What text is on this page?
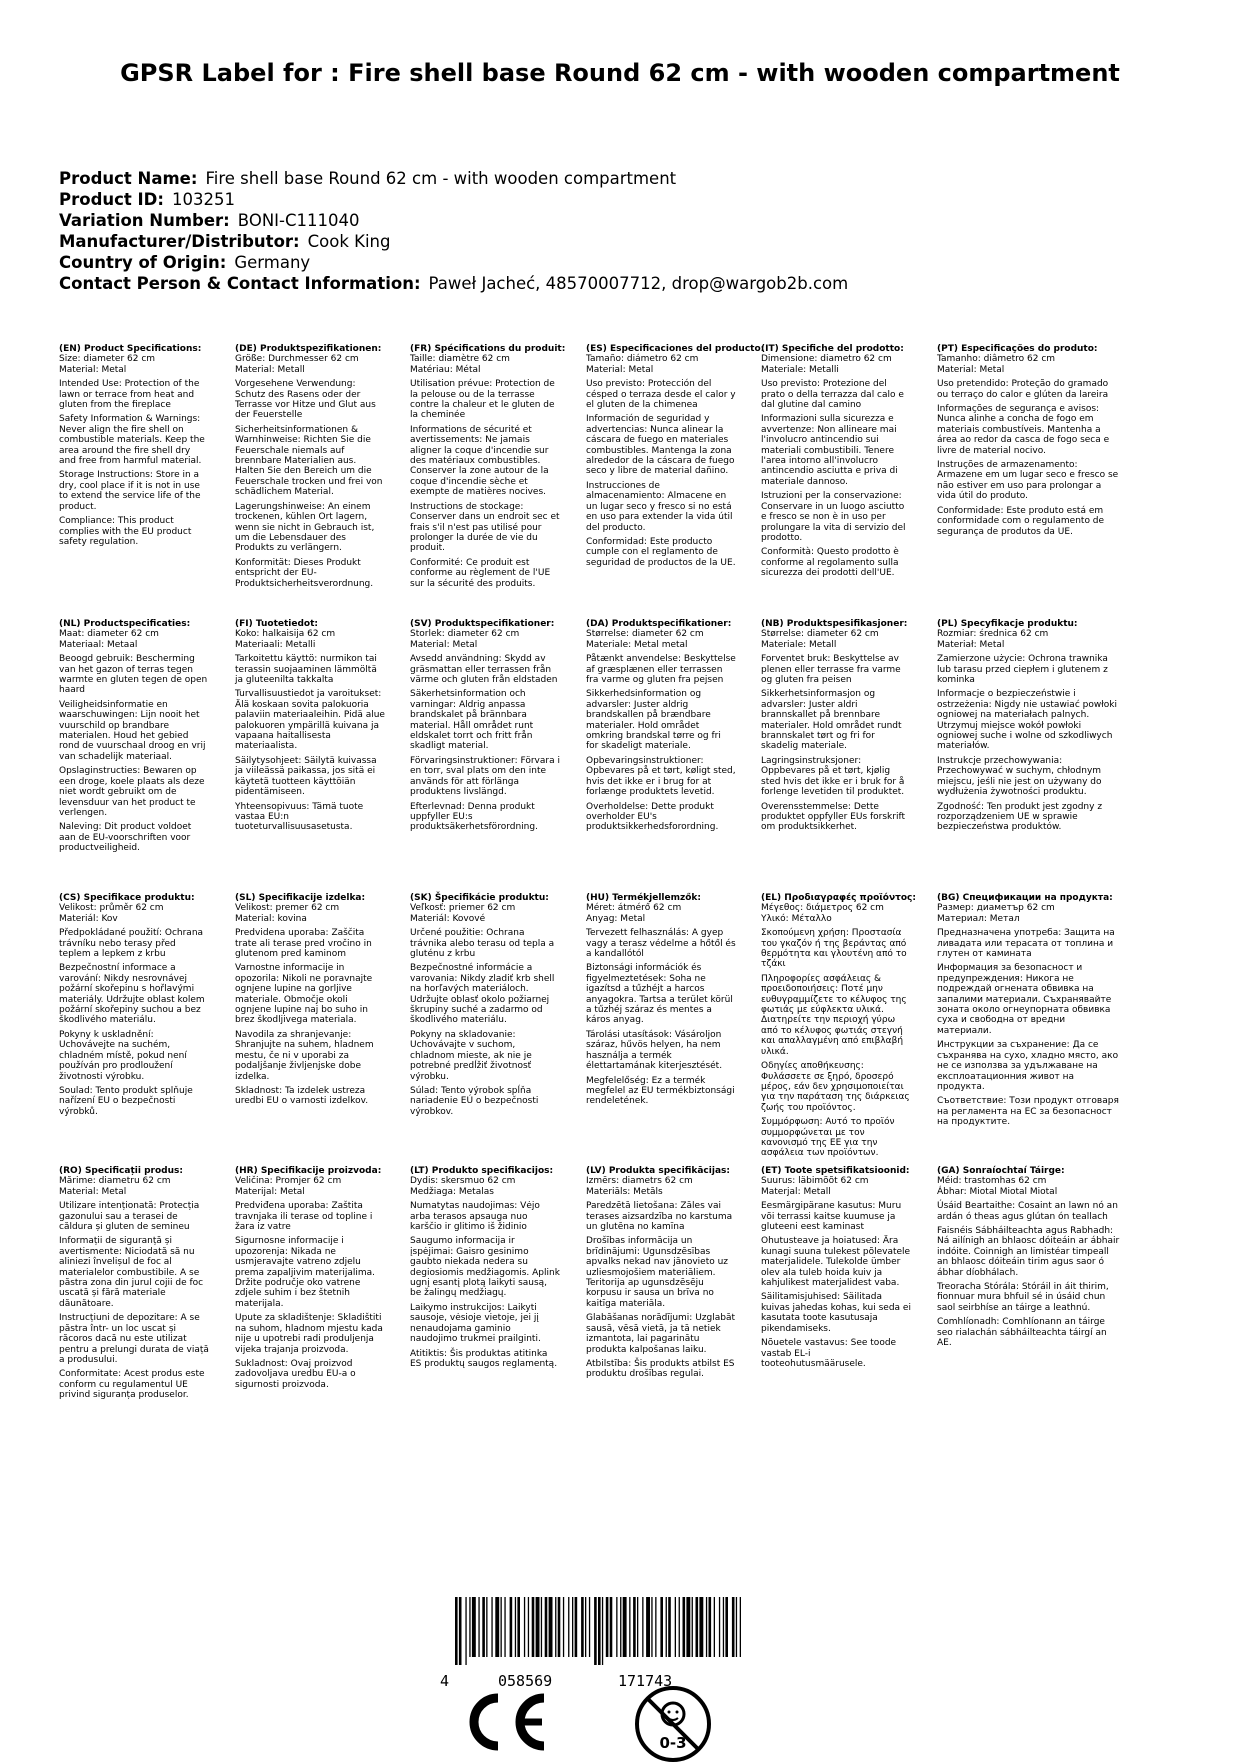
GPSR Label for : Fire shell base Round 62 cm - with wooden compartment
Product Name: Fire shell base Round 62 cm - with wooden compartment
Product ID: 103251
Variation Number: BONI-C111040
Manufacturer/Distributor: Cook King
Country of Origin: Germany
Contact Person & Contact Information: Paweł Jacheć, 48570007712, drop@wargob2b.com
(EN) Product Specifications:

Size: diameter 62 cm

Material: Metal

Intended Use: Protection of the lawn or terrace from heat and gluten from the fireplace

Safety Information & Warnings: Never align the fire shell on combustible materials. Keep the area around the fire shell dry and free from harmful material.

Storage Instructions: Store in a dry, cool place if it is not in use to extend the service life of the product.

Compliance: This product complies with the EU product safety regulation.

(DE) Produktspezifikationen:

Größe: Durchmesser 62 cm

Material: Metall

Vorgesehene Verwendung: Schutz des Rasens oder der Terrasse vor Hitze und Glut aus der Feuerstelle

Sicherheitsinformationen & Warnhinweise: Richten Sie die Feuerschale niemals auf brennbare Materialien aus. Halten Sie den Bereich um die Feuerschale trocken und frei von schädlichem Material.

Lagerungshinweise: An einem trockenen, kühlen Ort lagern, wenn sie nicht in Gebrauch ist, um die Lebensdauer des Produkts zu verlängern.

Konformität: Dieses Produkt entspricht der EU-Produktsicherheitsverordnung.

(FR) Spécifications du produit:

Taille: diamètre 62 cm

Matériau: Métal

Utilisation prévue: Protection de la pelouse ou de la terrasse contre la chaleur et le gluten de la cheminée

Informations de sécurité et avertissements: Ne jamais aligner la coque d'incendie sur des matériaux combustibles. Conserver la zone autour de la coque d'incendie sèche et exempte de matières nocives.

Instructions de stockage: Conserver dans un endroit sec et frais s'il n'est pas utilisé pour prolonger la durée de vie du produit.

Conformité: Ce produit est conforme au règlement de l'UE sur la sécurité des produits.

(ES) Especificaciones del producto:

Tamaño: diámetro 62 cm

Material: Metal

Uso previsto: Protección del césped o terraza desde el calor y el gluten de la chimenea

Información de seguridad y advertencias: Nunca alinear la cáscara de fuego en materiales combustibles. Mantenga la zona alrededor de la cáscara de fuego seco y libre de material dañino.

Instrucciones de almacenamiento: Almacene en un lugar seco y fresco si no está en uso para extender la vida útil del producto.

Conformidad: Este producto cumple con el reglamento de seguridad de productos de la UE.

(IT) Specifiche del prodotto:

Dimensione: diametro 62 cm

Materiale: Metalli

Uso previsto: Protezione del prato o della terrazza dal calo e dal glutine dal camino

Informazioni sulla sicurezza e avvertenze: Non allineare mai l'involucro antincendio sui materiali combustibili. Tenere l'area intorno all'involucro antincendio asciutta e priva di materiale dannoso.

Istruzioni per la conservazione: Conservare in un luogo asciutto e fresco se non è in uso per prolungare la vita di servizio del prodotto.

Conformità: Questo prodotto è conforme al regolamento sulla sicurezza dei prodotti dell'UE.

(PT) Especificações do produto:

Tamanho: diâmetro 62 cm

Material: Metal

Uso pretendido: Proteção do gramado ou terraço do calor e glúten da lareira

Informações de segurança e avisos: Nunca alinhe a concha de fogo em materiais combustíveis. Mantenha a área ao redor da casca de fogo seca e livre de material nocivo.

Instruções de armazenamento: Armazene em um lugar seco e fresco se não estiver em uso para prolongar a vida útil do produto.

Conformidade: Este produto está em conformidade com o regulamento de segurança de produtos da UE.

(NL) Productspecificaties:

Maat: diameter 62 cm

Materiaal: Metaal

Beoogd gebruik: Bescherming van het gazon of terras tegen warmte en gluten tegen de open haard

Veiligheidsinformatie en waarschuwingen: Lijn nooit het vuurschild op brandbare materialen. Houd het gebied rond de vuurschaal droog en vrij van schadelijk materiaal.

Opslaginstructies: Bewaren op een droge, koele plaats als deze niet wordt gebruikt om de levensduur van het product te verlengen.

Naleving: Dit product voldoet aan de EU-voorschriften voor productveiligheid.

(FI) Tuotetiedot:

Koko: halkaisija 62 cm

Materiaali: Metalli

Tarkoitettu käyttö: nurmikon tai terassin suojaaminen lämmöltä ja gluteenilta takkalta

Turvallisuustiedot ja varoitukset: Älä koskaan sovita palokuoria palaviin materiaaleihin. Pidä alue palokuoren ympärillä kuivana ja vapaana haitallisesta materiaalista.

Säilytysohjeet: Säilytä kuivassa ja viileässä paikassa, jos sitä ei käytetä tuotteen käyttöiän pidentämiseen.

Yhteensopivuus: Tämä tuote vastaa EU:n tuoteturvallisuusasetusta.

(SV) Produktspecifikationer:

Storlek: diameter 62 cm

Material: Metal

Avsedd användning: Skydd av gräsmattan eller terrassen från värme och gluten från eldstaden

Säkerhetsinformation och varningar: Aldrig anpassa brandskalet på brännbara material. Håll området runt eldskalet torrt och fritt från skadligt material.

Förvaringsinstruktioner: Förvara i en torr, sval plats om den inte används för att förlänga produktens livslängd.

Efterlevnad: Denna produkt uppfyller EU:s produktsäkerhetsförordning.

(DA) Produktspecifikationer:

Størrelse: diameter 62 cm

Materiale: Metal metal

Påtænkt anvendelse: Beskyttelse af græsplænen eller terrassen fra varme og gluten fra pejsen

Sikkerhedsinformation og advarsler: Juster aldrig brandskallen på brændbare materialer. Hold området omkring brandskal tørre og fri for skadeligt materiale.

Opbevaringsinstruktioner: Opbevares på et tørt, køligt sted, hvis det ikke er i brug for at forlænge produktets levetid.

Overholdelse: Dette produkt overholder EU's produktsikkerhedsforordning.

(NB) Produktspesifikasjoner:

Størrelse: diameter 62 cm

Materiale: Metall

Forventet bruk: Beskyttelse av plenen eller terrasse fra varme og gluten fra peisen

Sikkerhetsinformasjon og advarsler: Juster aldri brannskallet på brennbare materialer. Hold området rundt brannskalet tørt og fri for skadelig materiale.

Lagringsinstruksjoner: Oppbevares på et tørt, kjølig sted hvis det ikke er i bruk for å forlenge levetiden til produktet.

Overensstemmelse: Dette produktet oppfyller EUs forskrift om produktsikkerhet.

(PL) Specyfikacje produktu:

Rozmiar: średnica 62 cm

Materiał: Metal

Zamierzone użycie: Ochrona trawnika lub tarasu przed ciepłem i glutenem z kominka

Informacje o bezpieczeństwie i ostrzeżenia: Nigdy nie ustawiać powłoki ogniowej na materiałach palnych. Utrzymuj miejsce wokół powłoki ogniowej suche i wolne od szkodliwych materiałów.

Instrukcje przechowywania: Przechowywać w suchym, chłodnym miejscu, jeśli nie jest on używany do wydłużenia żywotności produktu.

Zgodność: Ten produkt jest zgodny z rozporządzeniem UE w sprawie bezpieczeństwa produktów.

(CS) Specifikace produktu:

Velikost: průměr 62 cm

Materiál: Kov

Předpokládané použití: Ochrana trávníku nebo terasy před teplem a lepkem z krbu

Bezpečnostní informace a varování: Nikdy nesrovnávej požární skořepinu s hořlavými materiály. Udržujte oblast kolem požární skořepiny suchou a bez škodlivého materiálu.

Pokyny k uskladnění: Uchovávejte na suchém, chladném místě, pokud není používán pro prodloužení životnosti výrobku.

Soulad: Tento produkt splňuje nařízení EU o bezpečnosti výrobků.

(SL) Specifikacije izdelka:

Velikost: premer 62 cm

Material: kovina

Predvidena uporaba: Zaščita trate ali terase pred vročino in glutenom pred kaminom

Varnostne informacije in opozorila: Nikoli ne poravnajte ognjene lupine na gorljive materiale. Območje okoli ognjene lupine naj bo suho in brez škodljivega materiala.

Navodila za shranjevanje: Shranjujte na suhem, hladnem mestu, če ni v uporabi za podaljšanje življenjske dobe izdelka.

Skladnost: Ta izdelek ustreza uredbi EU o varnosti izdelkov.

(SK) Špecifikácie produktu:

Veľkosť: priemer 62 cm

Materiál: Kovové

Určené použitie: Ochrana trávnika alebo terasu od tepla a gluténu z krbu

Bezpečnostné informácie a varovania: Nikdy zladiť krb shell na horľavých materiáloch. Udržujte oblasť okolo požiarnej škrupiny suché a zadarmo od škodlivého materiálu.

Pokyny na skladovanie: Uchovávajte v suchom, chladnom mieste, ak nie je potrebné predĺžiť životnosť výrobku.

Súlad: Tento výrobok spĺňa nariadenie EÚ o bezpečnosti výrobkov.

(HU) Termékjellemzők:

Méret: átmérő 62 cm

Anyag: Metal

Tervezett felhasználás: A gyep vagy a terasz védelme a hőtől és a kandallótól

Biztonsági információk és figyelmeztetések: Soha ne igazítsd a tűzhéjt a harcos anyagokra. Tartsa a terület körül a tűzhéj száraz és mentes a káros anyag.

Tárolási utasítások: Vásároljon száraz, hűvös helyen, ha nem használja a termék élettartamának kiterjesztését.

Megfelelőség: Ez a termék megfelel az EU termékbiztonsági rendeletének.

(EL) Προδιαγραφές προϊόντος:

Μέγεθος: διάμετρος 62 cm

Υλικό: Μέταλλο

Σκοπούμενη χρήση: Προστασία του γκαζόν ή της βεράντας από θερμότητα και γλουτένη από το τζάκι

Πληροφορίες ασφάλειας & προειδοποιήσεις: Ποτέ μην ευθυγραμμίζετε το κέλυφος της φωτιάς με εύφλεκτα υλικά. Διατηρείτε την περιοχή γύρω από το κέλυφος φωτιάς στεγνή και απαλλαγμένη από επιβλαβή υλικά.

Οδηγίες αποθήκευσης: Φυλάσσετε σε ξηρό, δροσερό μέρος, εάν δεν χρησιμοποιείται για την παράταση της διάρκειας ζωής του προϊόντος.

Συμμόρφωση: Αυτό το προϊόν συμμορφώνεται με τον κανονισμό της ΕΕ για την ασφάλεια των προϊόντων.

(BG) Спецификации на продукта:

Размер: диаметър 62 cm

Материал: Метал

Предназначена употреба: Защита на ливадата или терасата от топлина и глутен от камината

Информация за безопасност и предупреждения: Никога не подреждай огнената обвивка на запалими материали. Съхранявайте зоната около огнеупорната обвивка суха и свободна от вредни материали.

Инструкции за съхранение: Да се съхранява на сухо, хладно място, ако не се използва за удължаване на експлоатационния живот на продукта.

Съответствие: Този продукт отговаря на регламента на ЕС за безопасност на продуктите.

(RO) Specificații produs:

Mărime: diametru 62 cm

Material: Metal

Utilizare intenționată: Protecția gazonului sau a terasei de căldura și gluten de semineu

Informații de siguranță și avertismente: Niciodată să nu aliniezi învelișul de foc al materialelor combustibile. A se păstra zona din jurul cojii de foc uscată și fără materiale dăunătoare.

Instrucțiuni de depozitare: A se păstra într- un loc uscat și răcoros dacă nu este utilizat pentru a prelungi durata de viață a produsului.

Conformitate: Acest produs este conform cu regulamentul UE privind siguranța produselor.

(HR) Specifikacije proizvoda:

Veličina: Promjer 62 cm

Materijal: Metal

Predviđena uporaba: Zaštita travnjaka ili terase od topline i žara iz vatre

Sigurnosne informacije i upozorenja: Nikada ne usmjeravajte vatreno zdjelu prema zapaljivim materijalima. Držite područje oko vatrene zdjele suhim i bez štetnih materijala.

Upute za skladištenje: Skladištiti na suhom, hladnom mjestu kada nije u upotrebi radi produljenja vijeka trajanja proizvoda.

Sukladnost: Ovaj proizvod zadovoljava uredbu EU-a o sigurnosti proizvoda.

(LT) Produkto specifikacijos:

Dydis: skersmuo 62 cm

Medžiaga: Metalas

Numatytas naudojimas: Vėjo arba terasos apsauga nuo karščio ir glitimo iš židinio

Saugumo informacija ir įspėjimai: Gaisro gesinimo gaubto niekada nedera su degiosiomis medžiagomis. Aplink ugnį esantį plotą laikyti sausą, be žalingų medžiagų.

Laikymo instrukcijos: Laikyti sausoje, vėsioje vietoje, jei jį nenaudojama gaminio naudojimo trukmei prailginti.

Atitiktis: Šis produktas atitinka ES produktų saugos reglamentą.

(LV) Produkta specifikācijas:

Izmērs: diametrs 62 cm

Materiāls: Metāls

Paredzētā lietošana: Zāles vai terases aizsardzība no karstuma un glutēna no kamīna

Drošības informācija un brīdinājumi: Ugunsdzēsības apvalks nekad nav jānovieto uz uzliesmojošiem materiāliem. Teritorija ap ugunsdzēsēju korpusu ir sausa un brīva no kaitīga materiāla.

Glabāšanas norādījumi: Uzglabāt sausā, vēsā vietā, ja tā netiek izmantota, lai pagarinātu produkta kalpošanas laiku.

Atbilstība: Šis produkts atbilst ES produktu drošības regulai.

(ET) Toote spetsifikatsioonid:

Suurus: läbimõõt 62 cm

Materjal: Metall

Eesmärgipärane kasutus: Muru või terrassi kaitse kuumuse ja gluteeni eest kaminast

Ohutusteave ja hoiatused: Ära kunagi suuna tulekest põlevatele materjalidele. Tulekolde ümber olev ala tuleb hoida kuiv ja kahjulikest materjalidest vaba.

Säilitamisjuhised: Säilitada kuivas jahedas kohas, kui seda ei kasutata toote kasutusaja pikendamiseks.

Nõuetele vastavus: See toode vastab EL-i tooteohutusmäärusele.

(GA) Sonraíochtaí Táirge:

Méid: trastomhas 62 cm

Ábhar: Miotal Miotal Miotal

Úsáid Beartaithe: Cosaint an lawn nó an ardán ó theas agus glútan ón teallach

Faisnéis Sábháilteachta agus Rabhadh: Ná ailínigh an bhlaosc dóiteáin ar ábhair indóite. Coinnigh an limistéar timpeall an bhlaosc dóiteáin tirim agus saor ó ábhar díobhálach.

Treoracha Stórála: Stóráil in áit thirim, fionnuar mura bhfuil sé in úsáid chun saol seirbhíse an táirge a leathnú.

Comhlíonadh: Comhlíonann an táirge seo rialachán sábháilteachta táirgí an AE.

4	058569	171743
0-3
